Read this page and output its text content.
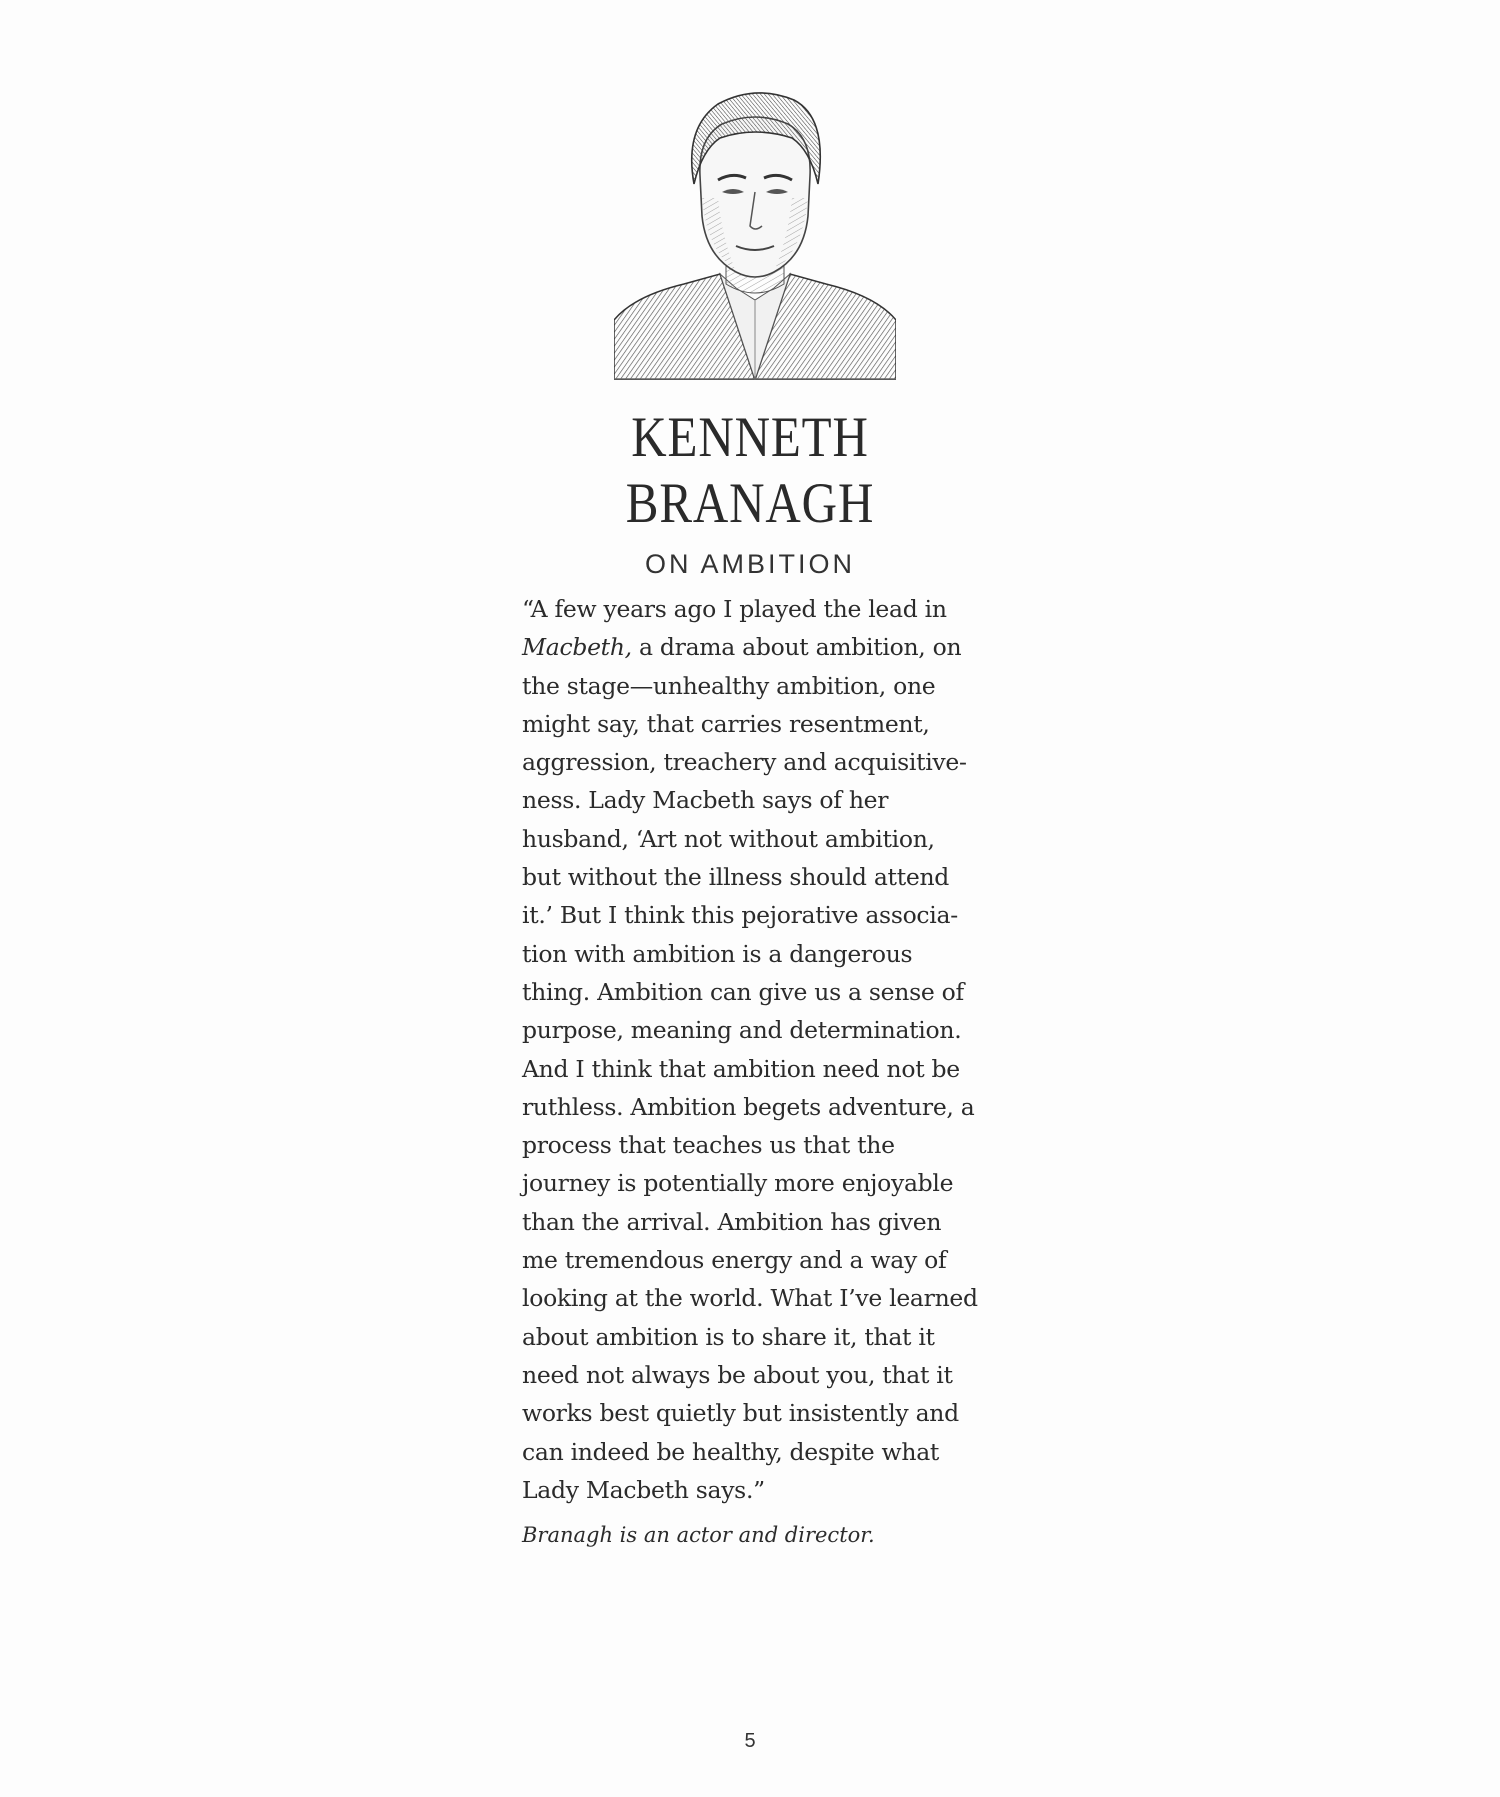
KENNETH
BRANAGH
ON AMBITION
“A few years ago I played the lead in
Macbeth, a drama about ambition, on
the stage—unhealthy ambition, one
might say, that carries resentment,
aggression, treachery and acquisitive-
ness. Lady Macbeth says of her
husband, ‘Art not without ambition,
but without the illness should attend
it.’ But I think this pejorative associa-
tion with ambition is a dangerous
thing. Ambition can give us a sense of
purpose, meaning and determination.
And I think that ambition need not be
ruthless. Ambition begets adventure, a
process that teaches us that the
journey is potentially more enjoyable
than the arrival. Ambition has given
me tremendous energy and a way of
looking at the world. What I’ve learned
about ambition is to share it, that it
need not always be about you, that it
works best quietly but insistently and
can indeed be healthy, despite what
Lady Macbeth says.”
Branagh is an actor and director.
5
